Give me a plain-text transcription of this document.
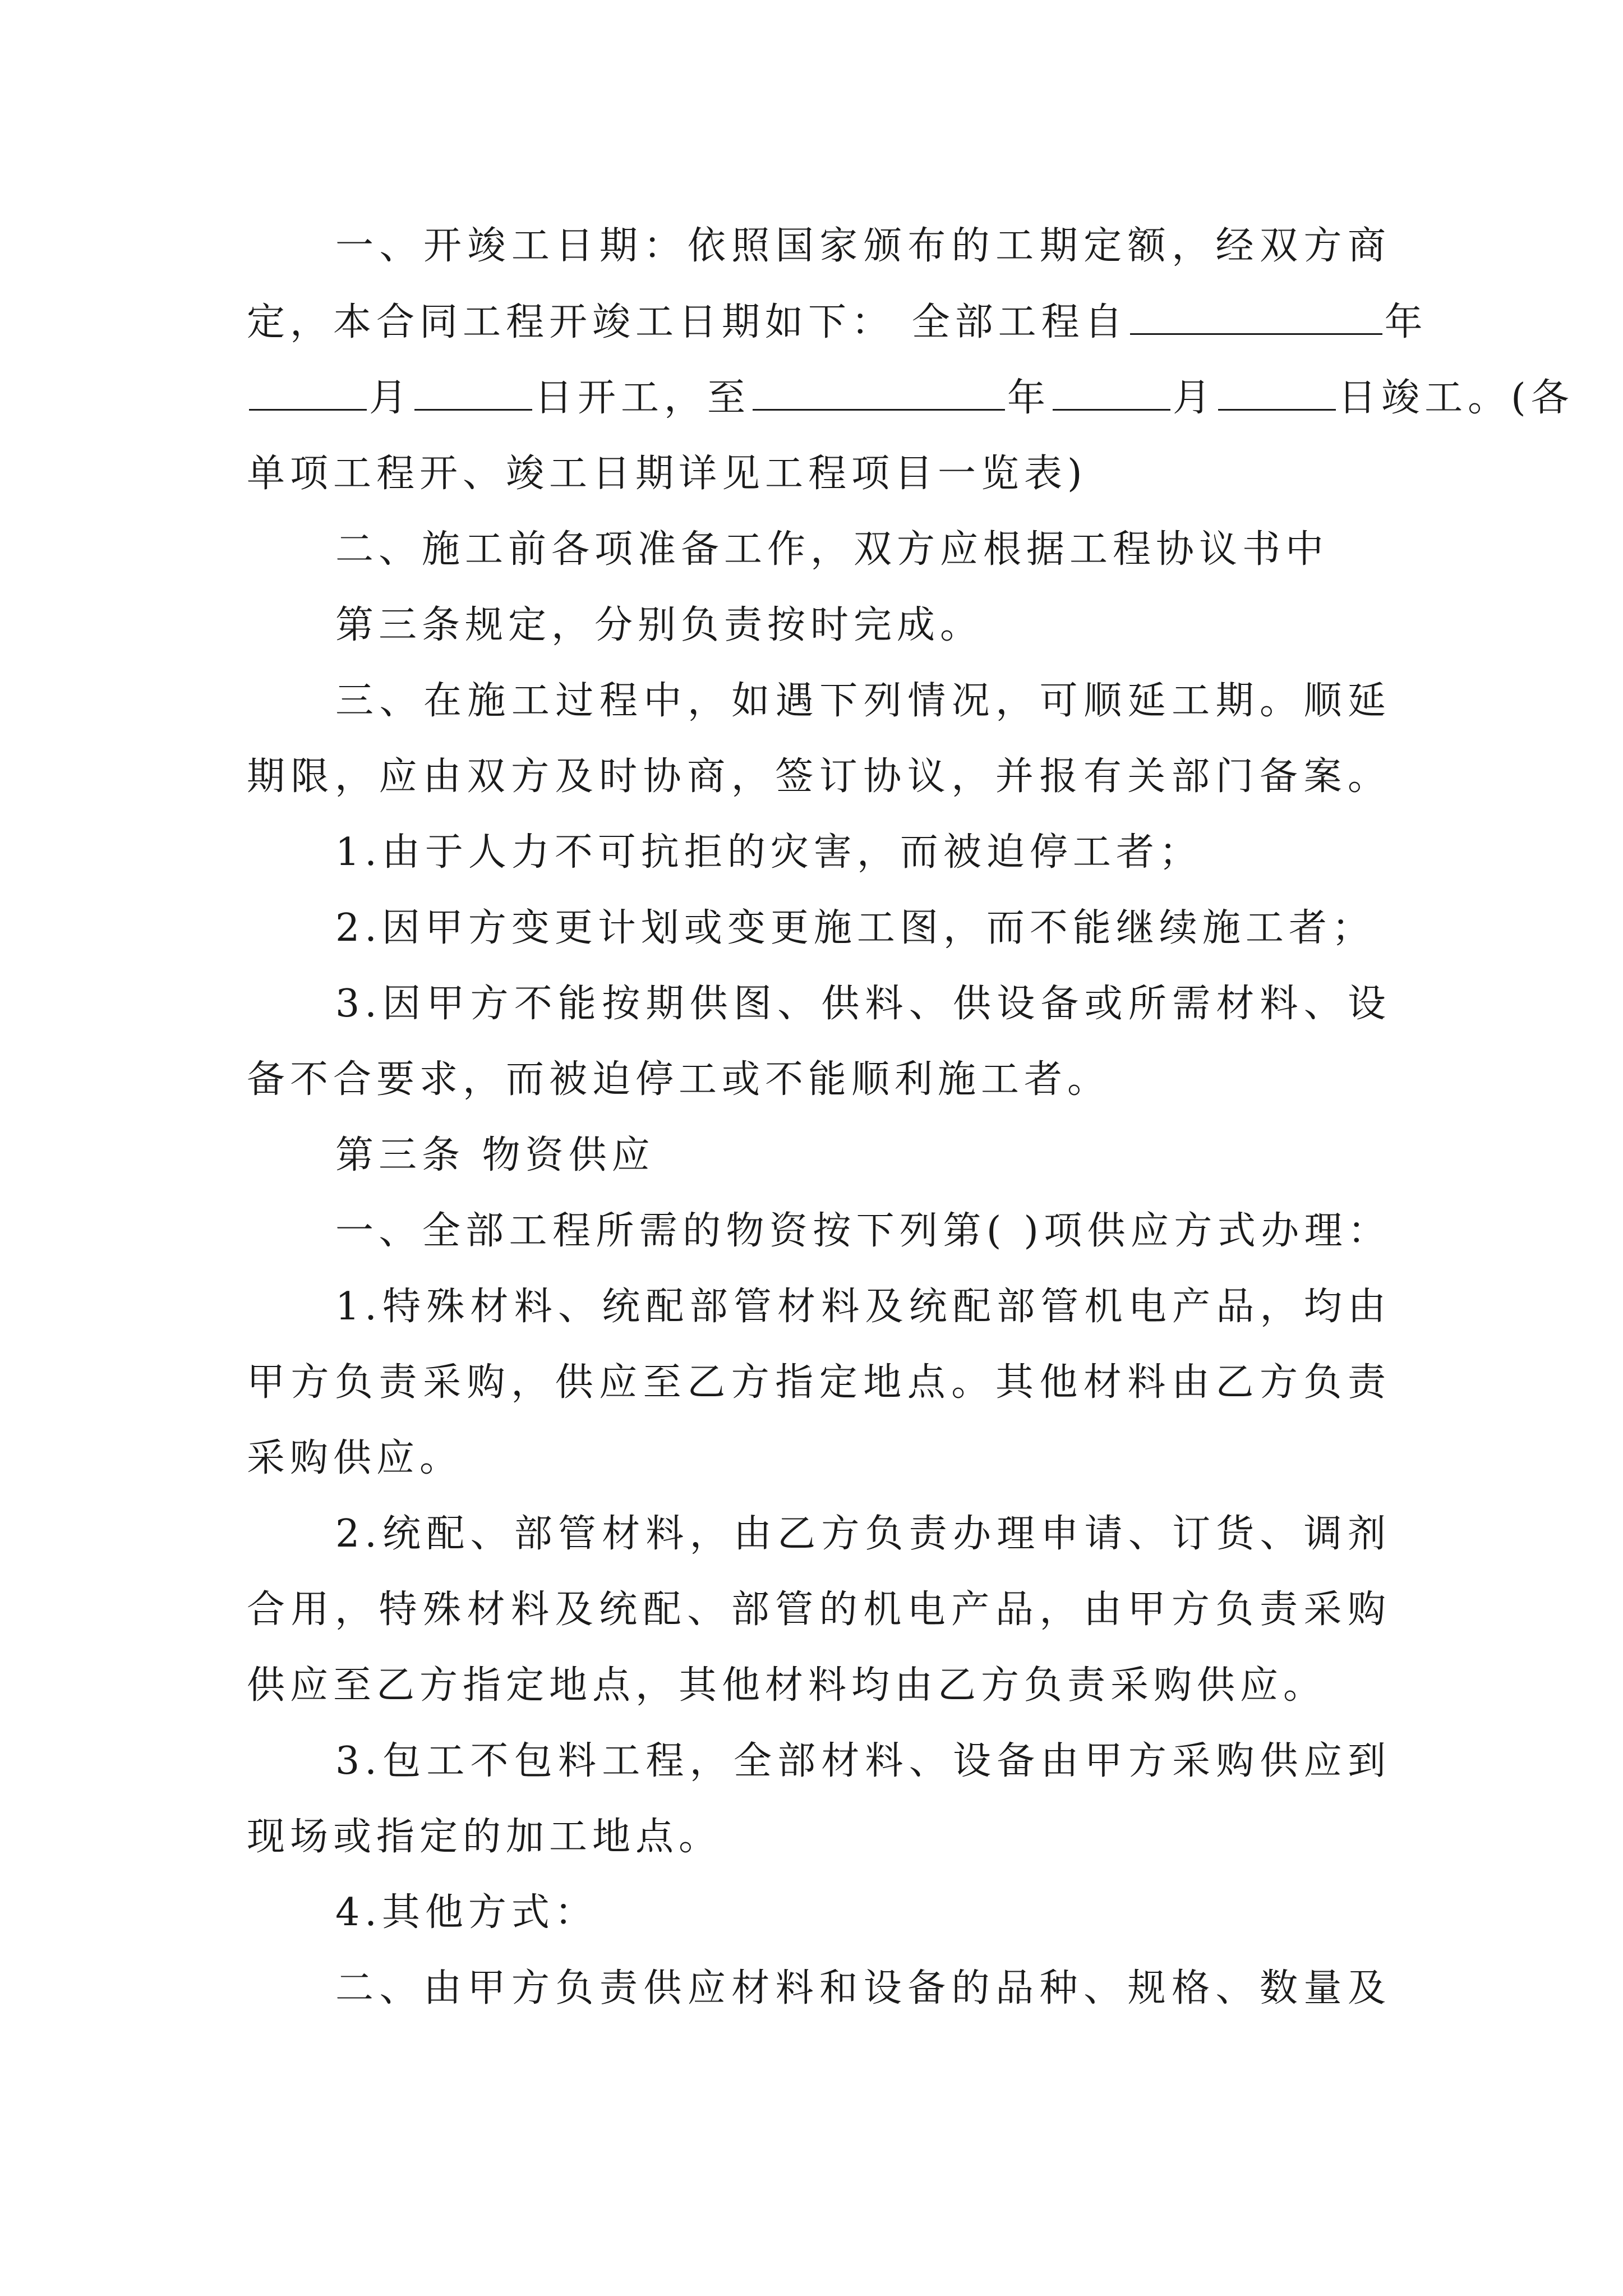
一、开竣工日期：依照国家颁布的工期定额，经双方商
定，本合同工程开竣工日期如下： 全部工程自	年
月	日开工，至	年	月	日竣工。(各
单项工程开、竣工日期详见工程项目一览表)
二、施工前各项准备工作，双方应根据工程协议书中
第三条规定，分别负责按时完成。
三、在施工过程中，如遇下列情况，可顺延工期。顺延
期限，应由双方及时协商，签订协议，并报有关部门备案。
1.由于人力不可抗拒的灾害，而被迫停工者；
2.因甲方变更计划或变更施工图，而不能继续施工者；
3.因甲方不能按期供图、供料、供设备或所需材料、设
备不合要求，而被迫停工或不能顺利施工者。
第三条 物资供应
一、全部工程所需的物资按下列第( )项供应方式办理：
1.特殊材料、统配部管材料及统配部管机电产品，均由
甲方负责采购，供应至乙方指定地点。其他材料由乙方负责
采购供应。
2.统配、部管材料，由乙方负责办理申请、订货、调剂
合用，特殊材料及统配、部管的机电产品，由甲方负责采购
供应至乙方指定地点，其他材料均由乙方负责采购供应。
3.包工不包料工程，全部材料、设备由甲方采购供应到
现场或指定的加工地点。
4.其他方式：
二、由甲方负责供应材料和设备的品种、规格、数量及
